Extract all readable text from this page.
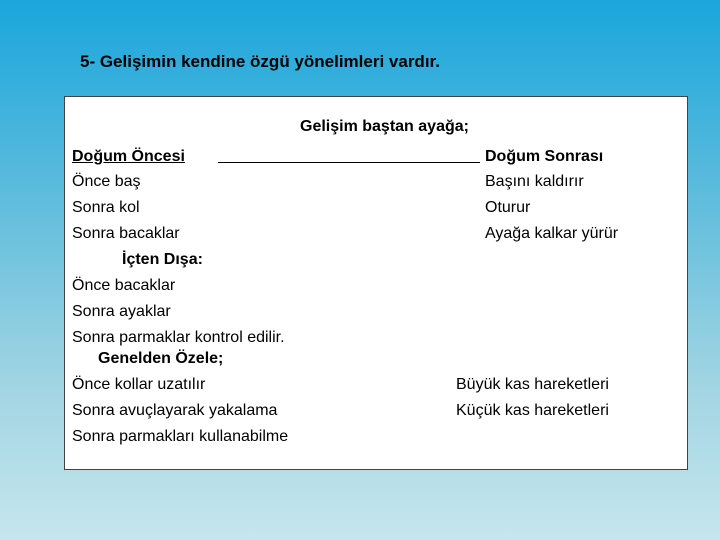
5- Gelişimin kendine özgü yönelimleri vardır.
Gelişim baştan ayağa;
Doğum Öncesi	Doğum Sonrası
Önce baş
Sonra kol
Sonra bacaklar
Başını kaldırır
Oturur
Ayağa kalkar yürür
İçten Dışa:
Önce bacaklar
Sonra ayaklar
Sonra parmaklar kontrol edilir.
Genelden Özele;
Önce kollar uzatılır
Sonra avuçlayarak yakalama
Sonra parmakları kullanabilme
Büyük kas hareketleri
Küçük kas hareketleri
